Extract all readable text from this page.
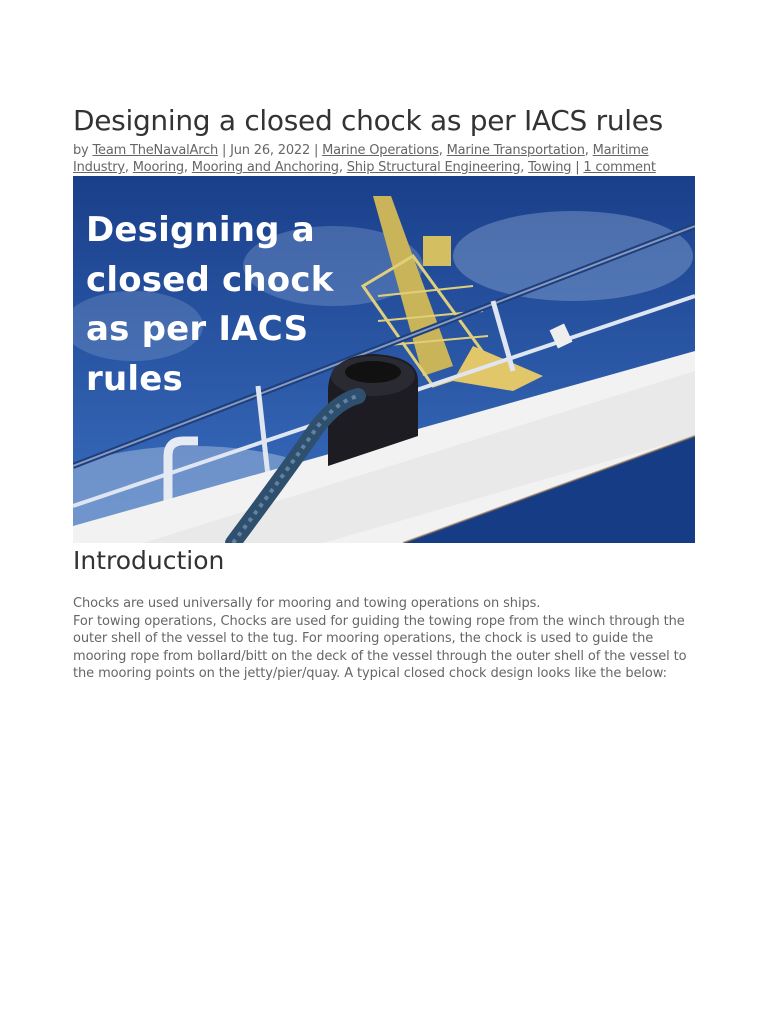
Designing a closed chock as per IACS rules
by Team TheNavalArch | Jun 26, 2022 | Marine Operations, Marine Transportation, Maritime Industry, Mooring, Mooring and Anchoring, Ship Structural Engineering, Towing | 1 comment
Designing a closed chock as per IACS rules
Introduction

Chocks are used universally for mooring and towing operations on ships.

For towing operations, Chocks are used for guiding the towing rope from the winch through the outer shell of the vessel to the tug. For mooring operations, the chock is used to guide the mooring rope from bollard/bitt on the deck of the vessel through the outer shell of the vessel to the mooring points on the jetty/pier/quay. A typical closed chock design looks like the below:
